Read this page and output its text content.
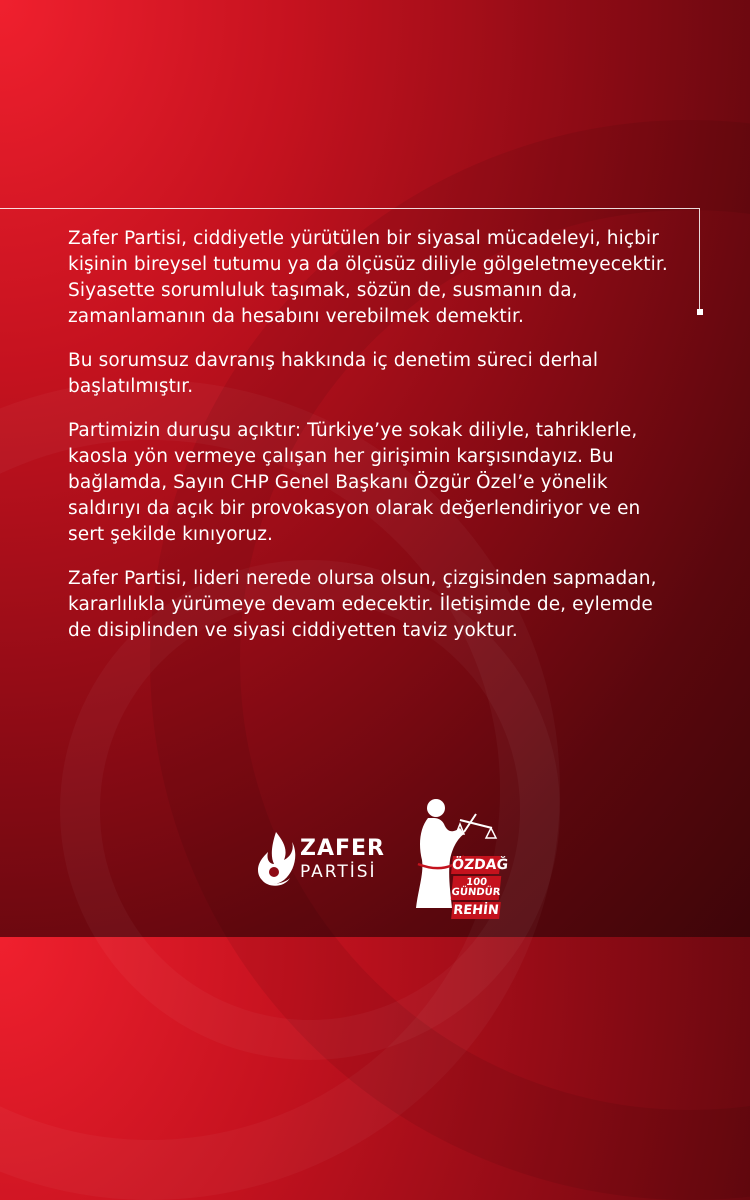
Zafer Partisi, ciddiyetle yürütülen bir siyasal mücadeleyi, hiçbir kişinin bireysel tutumu ya da ölçüsüz diliyle gölgeletmeyecektir. Siyasette sorumluluk taşımak, sözün de, susmanın da, zamanlamanın da hesabını verebilmek demektir.

Bu sorumsuz davranış hakkında iç denetim süreci derhal başlatılmıştır.

Partimizin duruşu açıktır: Türkiye’ye sokak diliyle, tahriklerle, kaosla yön vermeye çalışan her girişimin karşısındayız. Bu bağlamda, Sayın CHP Genel Başkanı Özgür Özel’e yönelik saldırıyı da açık bir provokasyon olarak değerlendiriyor ve en sert şekilde kınıyoruz.

Zafer Partisi, lideri nerede olursa olsun, çizgisinden sapmadan, kararlılıkla yürümeye devam edecektir. İletişimde de, eylemde de disiplinden ve siyasi ciddiyetten taviz yoktur.

ZAFER
PARTİSİ	ÖZDAĞ
100 GÜNDÜR
REHİN
